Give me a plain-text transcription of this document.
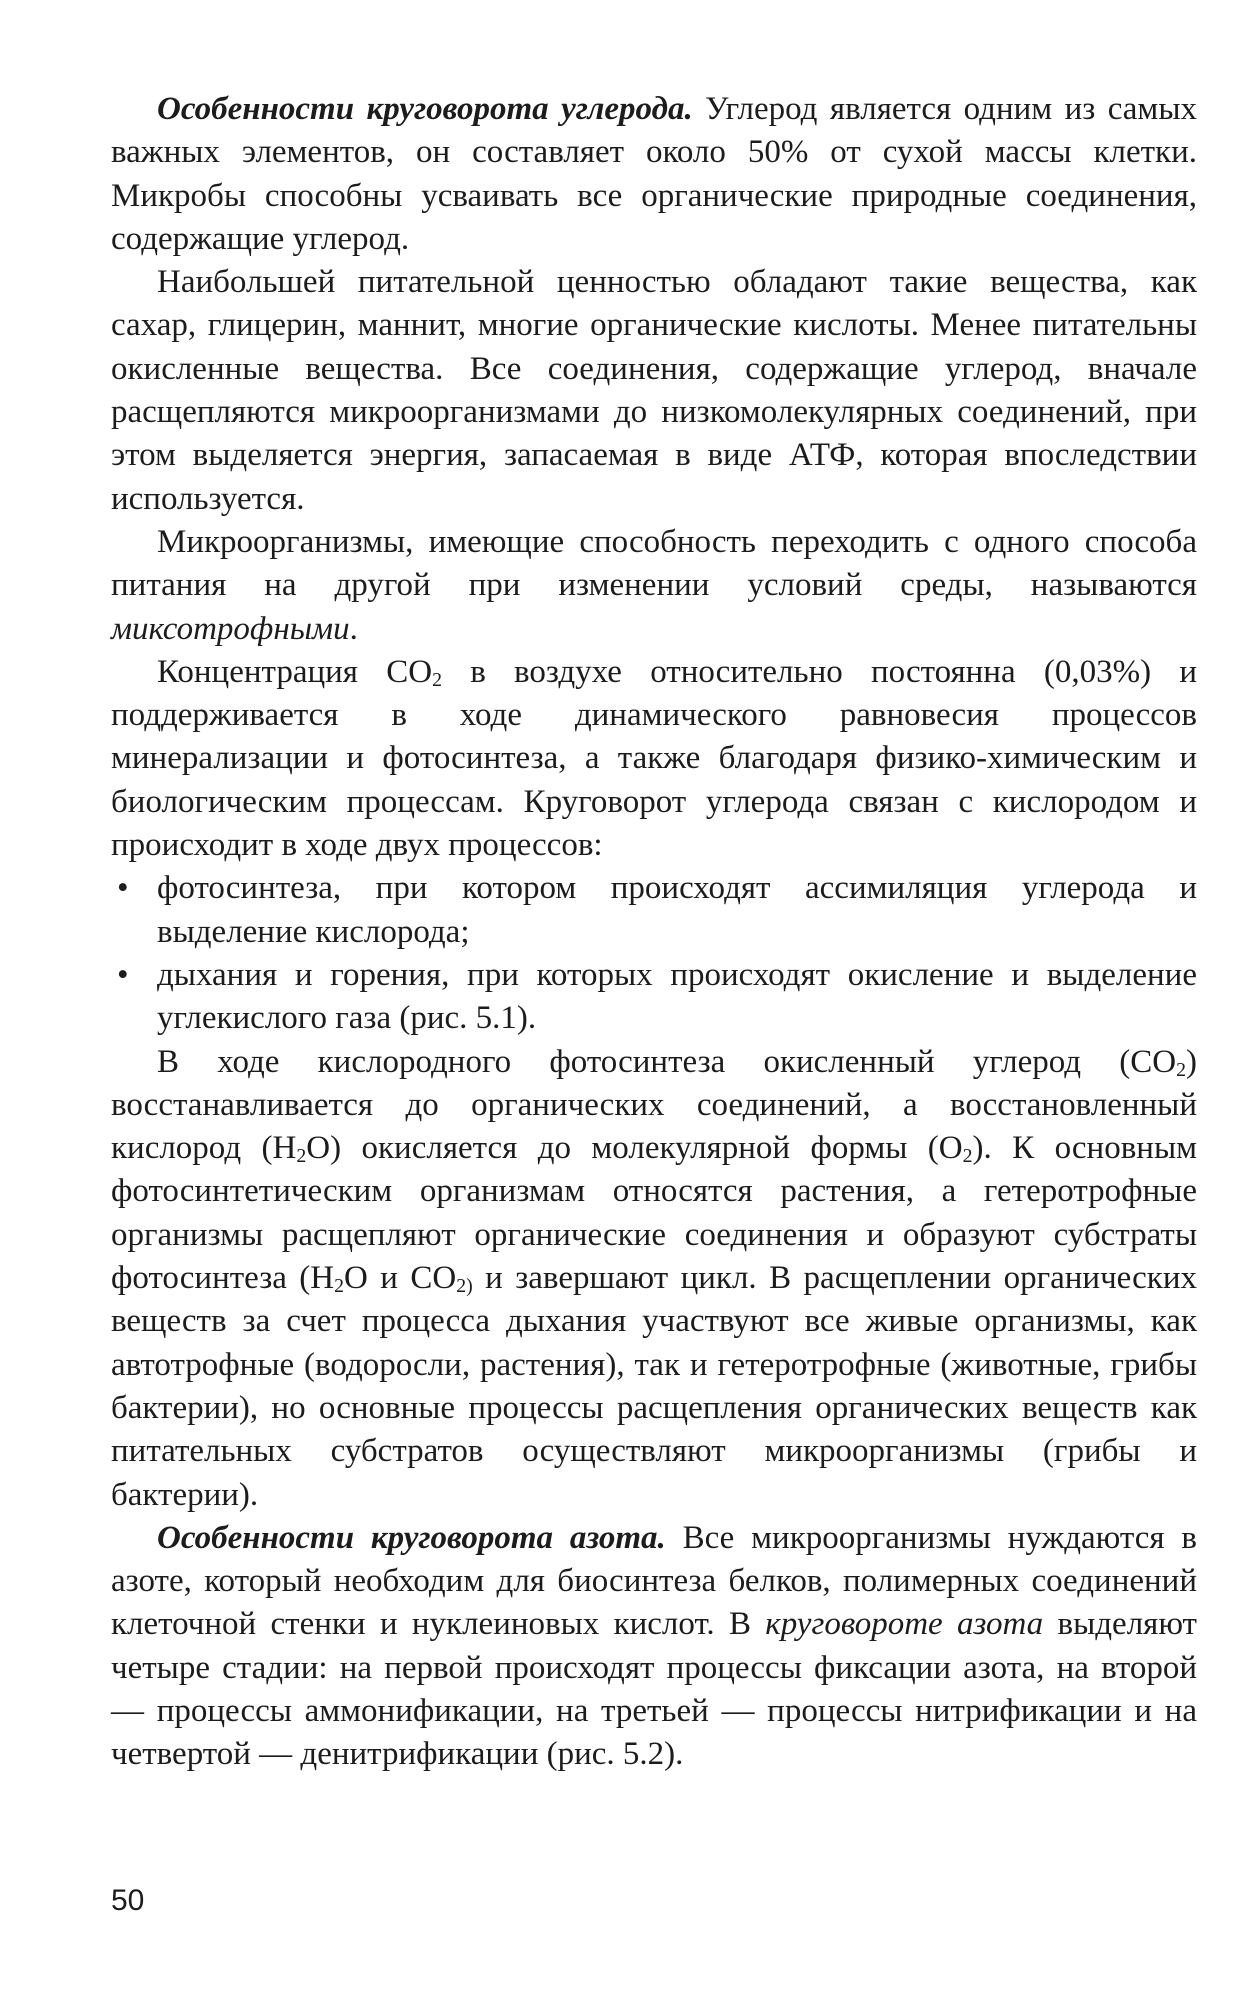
Особенности круговорота углерода. Углерод является одним из самых важных элементов, он составляет около 50% от сухой массы клетки. Микробы способны усваивать все органические природные соединения, содержащие углерод.

Наибольшей питательной ценностью обладают такие вещества, как сахар, глицерин, маннит, многие органические кислоты. Менее питательны окисленные вещества. Все соединения, содержащие углерод, вначале расщепляются микроорганизмами до низкомолекулярных соединений, при этом выделяется энергия, запасаемая в виде АТФ, которая впоследствии используется.

Микроорганизмы, имеющие способность переходить с одного способа питания на другой при изменении условий среды, называются миксотрофными.

Концентрация $CO_2$ в воздухе относительно постоянна (0,03%) и поддерживается в ходе динамического равновесия процессов минерализации и фотосинтеза, а также благодаря физико-химическим и биологическим процессам. Круговорот углерода связан с кислородом и происходит в ходе двух процессов:

• фотосинтеза, при котором происходят ассимиляция углерода и выделение кислорода;
• дыхания и горения, при которых происходят окисление и выделение углекислого газа (рис. 5.1).

В ходе кислородного фотосинтеза окисленный углерод $(CO_2)$ восстанавливается до органических соединений, а восстановленный кислород $(H_2O)$ окисляется до молекулярной формы $(O_2)$. К основным фотосинтетическим организмам относятся растения, а гетеротрофные организмы расщепляют органические соединения и образуют субстраты фотосинтеза ($H_2O$ и $CO_{2)}$ и завершают цикл. В расщеплении органических веществ за счет процесса дыхания участвуют все живые организмы, как автотрофные (водоросли, растения), так и гетеротрофные (животные, грибы бактерии), но основные процессы расщепления органических веществ как питательных субстратов осуществляют микроорганизмы (грибы и бактерии).

Особенности круговорота азота. Все микроорганизмы нуждаются в азоте, который необходим для биосинтеза белков, полимерных соединений клеточной стенки и нуклеиновых кислот. В круговороте азота выделяют четыре стадии: на первой происходят процессы фиксации азота, на второй — процессы аммонификации, на третьей — процессы нитрификации и на четвертой — денитрификации (рис. 5.2).

50
